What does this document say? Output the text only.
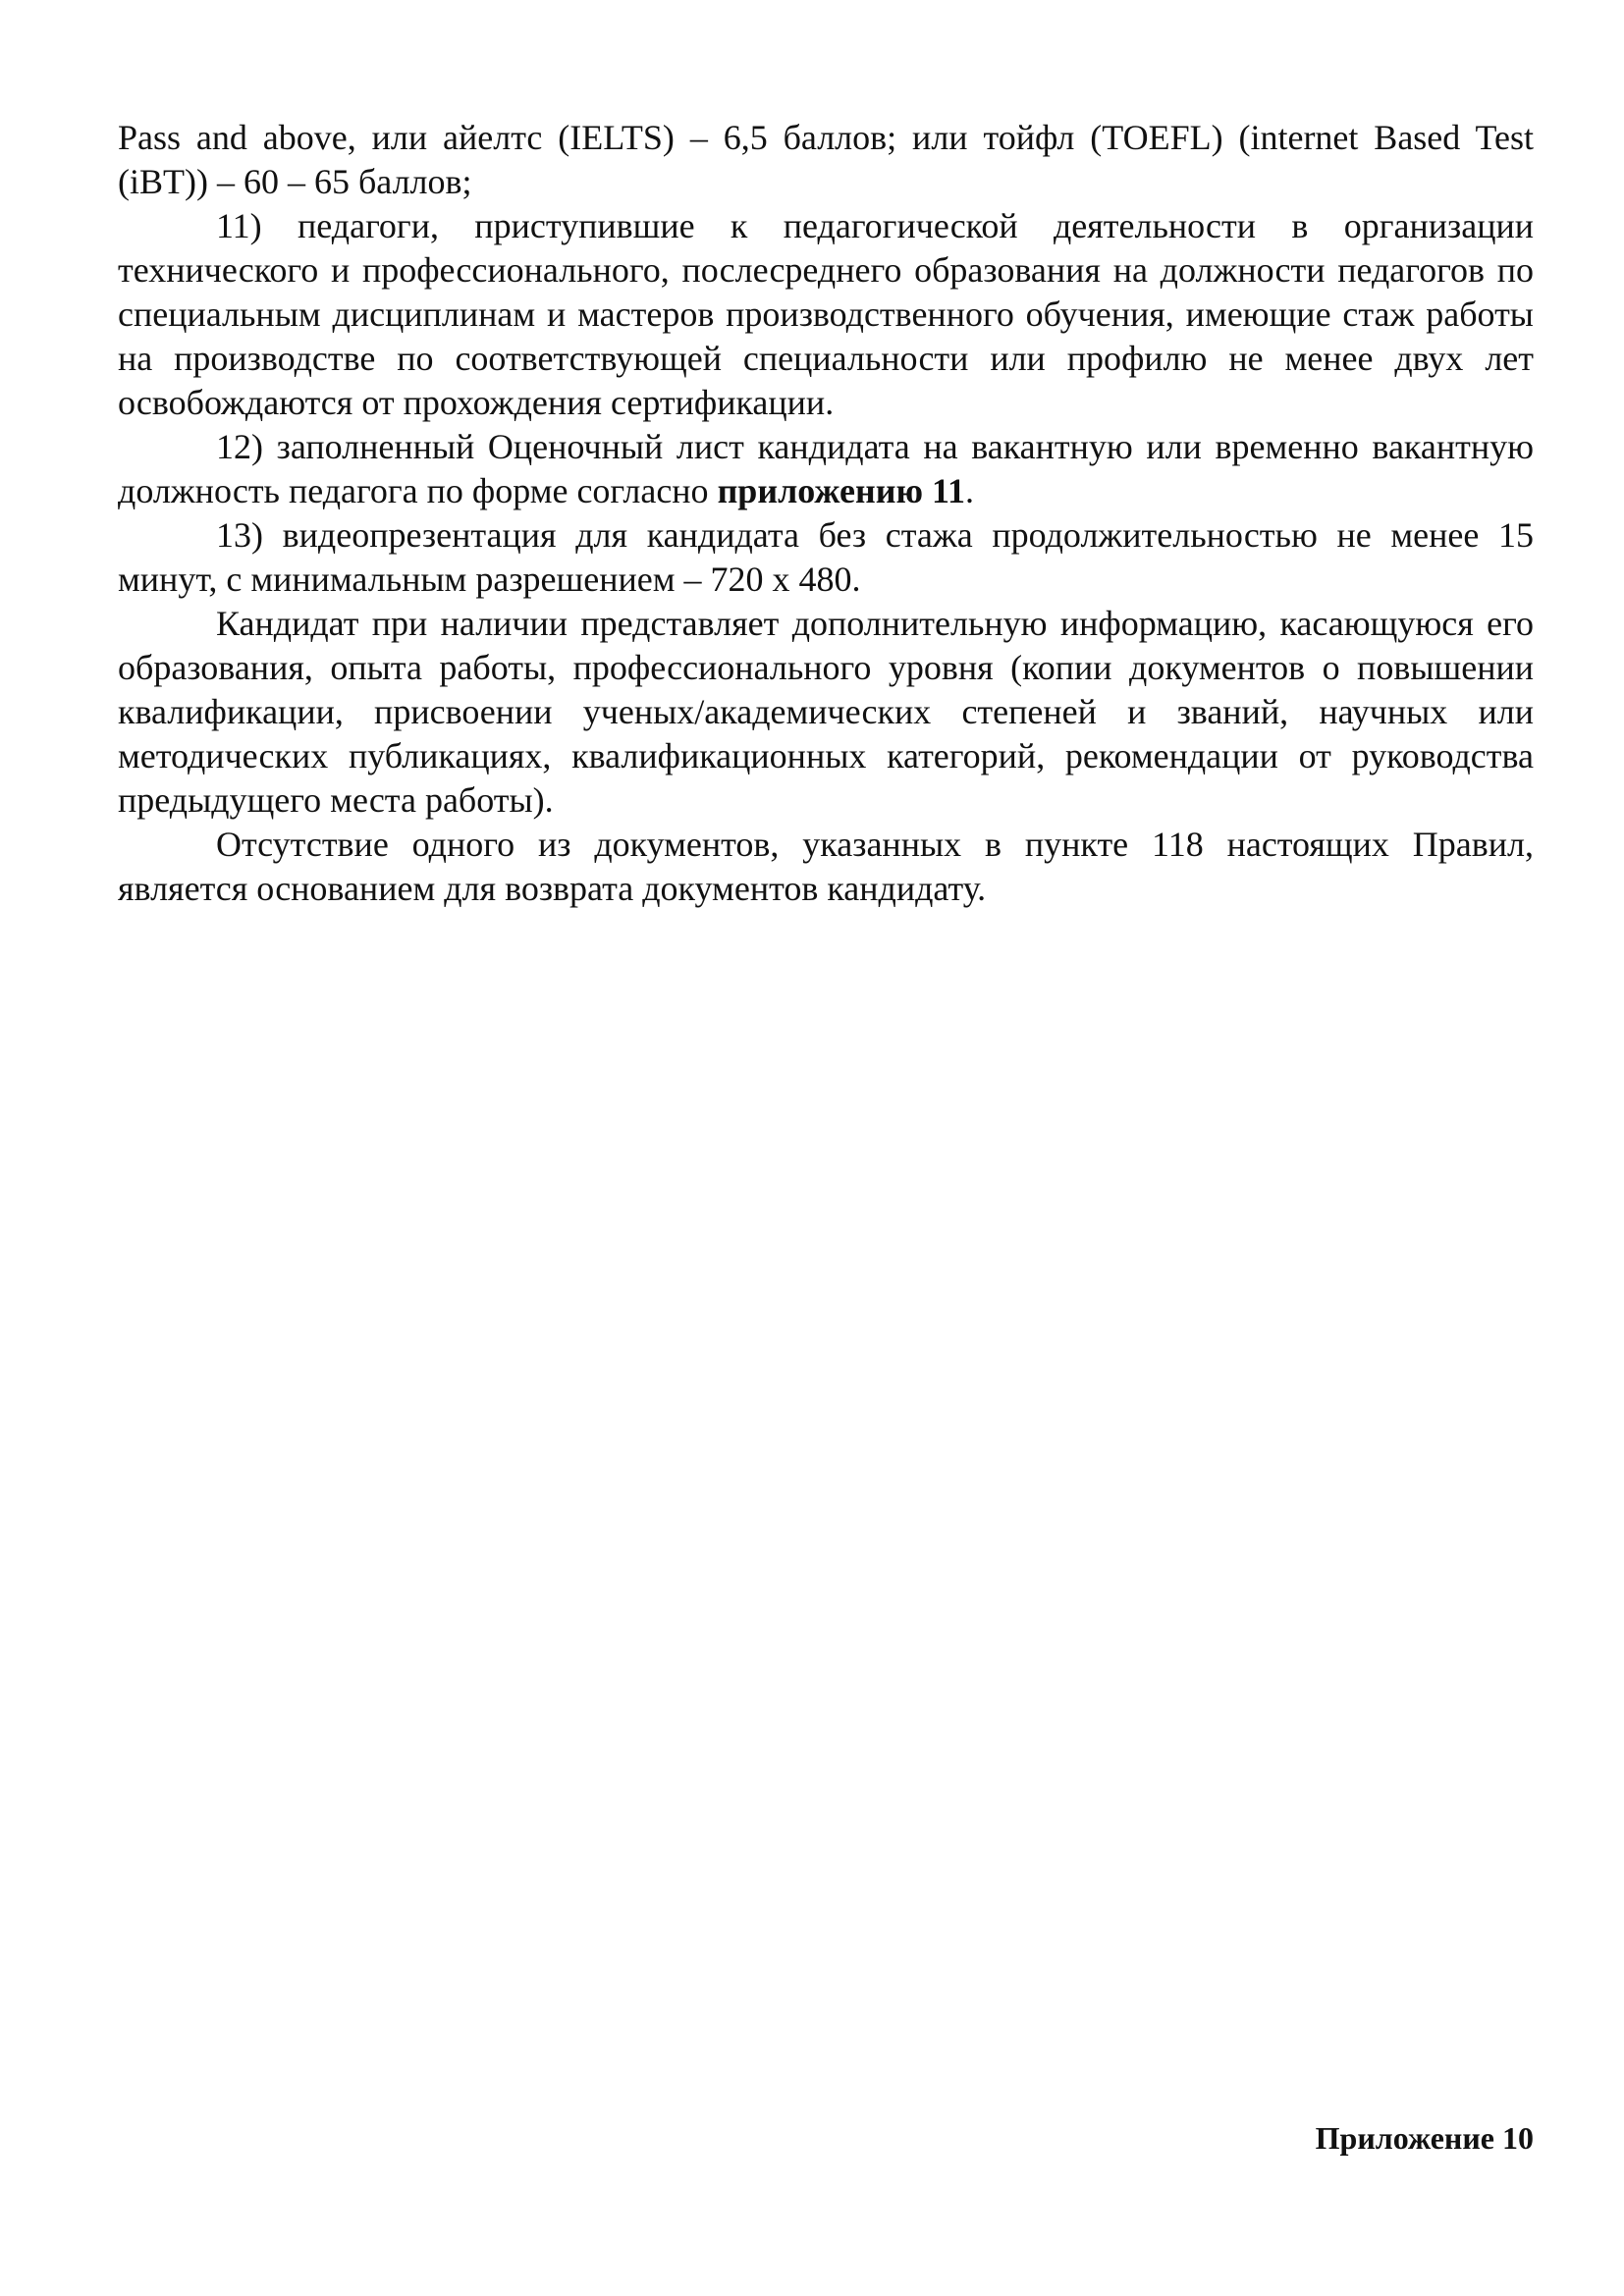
Pass and above, или айелтс (IELTS) – 6,5 баллов; или тойфл (TOEFL) (internet Based Test (iBT)) – 60 – 65 баллов;

11) педагоги, приступившие к педагогической деятельности в организации технического и профессионального, послесреднего образования на должности педагогов по специальным дисциплинам и мастеров производственного обучения, имеющие стаж работы на производстве по соответствующей специальности или профилю не менее двух лет освобождаются от прохождения сертификации.

12) заполненный Оценочный лист кандидата на вакантную или временно вакантную должность педагога по форме согласно приложению 11.

13) видеопрезентация для кандидата без стажа продолжительностью не менее 15 минут, с минимальным разрешением – 720 х 480.

Кандидат при наличии представляет дополнительную информацию, касающуюся его образования, опыта работы, профессионального уровня (копии документов о повышении квалификации, присвоении ученых/академических степеней и званий, научных или методических публикациях, квалификационных категорий, рекомендации от руководства предыдущего места работы).

Отсутствие одного из документов, указанных в пункте 118 настоящих Правил, является основанием для возврата документов кандидату.

Приложение 10
